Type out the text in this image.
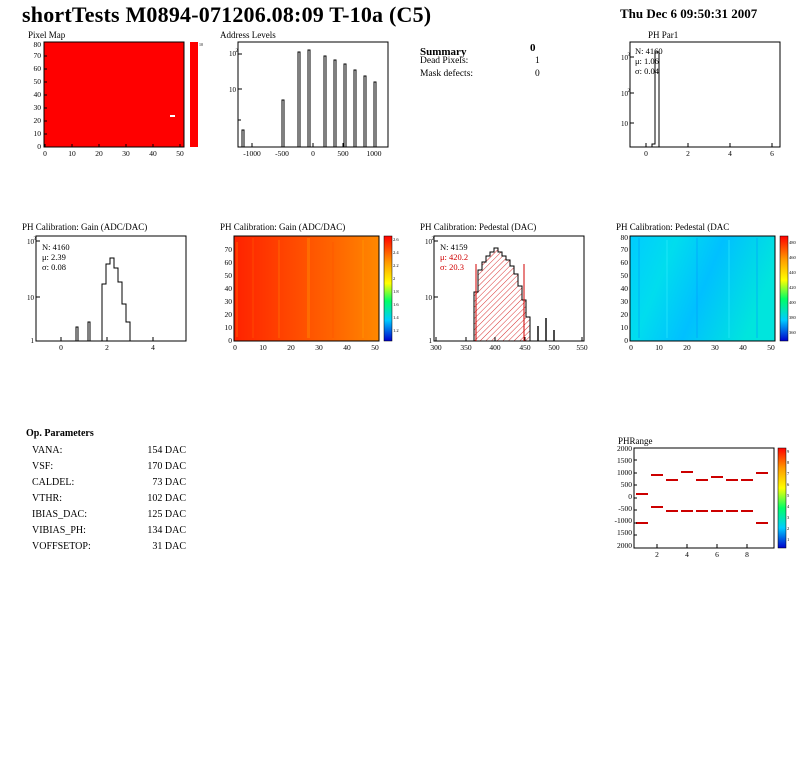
shortTests M0894-071206.08:09 T-10a (C5)	Thu Dec 6 09:50:31 2007
Summary	0
Dead Pixels:	1
Mask defects:	0
Pixel Map
10
0
10
20
30
40
50
60
70
80
0	10	20	30	40	50
Address Levels
10
10 2
-1000 -500	0	500 1000
PH Par1
10
10 2
10 3
0	2	4	6
N: 4160
μ: 1.06
σ: 0.04
PH Calibration: Gain (ADC/DAC)
1
10
10 3
0	2	4
N: 4160
μ: 2.39
σ: 0.08
PH Calibration: Gain (ADC/DAC)
2.6
2.4
2.2
2
1.8
1.6
1.4
1.2
0
10
20
30
40
50
60
70
0	10	20	30	40	50
PH Calibration: Pedestal (DAC)
1
10
10 2
300	350 400	450 500 550
N: 4159
μ: 420.2
σ: 20.3
PH Calibration: Pedestal (DAC
480
460
440
420
400
380
360
0
10
20
30
40
50
60
70
80
0	10	20	30	40	50
Op. Parameters
VANA:	154 DAC
VSF:	170 DAC
CALDEL:	73 DAC
VTHR:	102 DAC
IBIAS_DAC:	125 DAC
VIBIAS_PH:	134 DAC
VOFFSETOP:	31 DAC
PHRange
9
8
7
6
5
4
3
2
1
2000
1500
1000
500
0
-500
-1000
1500
2000
2	4	6	8
